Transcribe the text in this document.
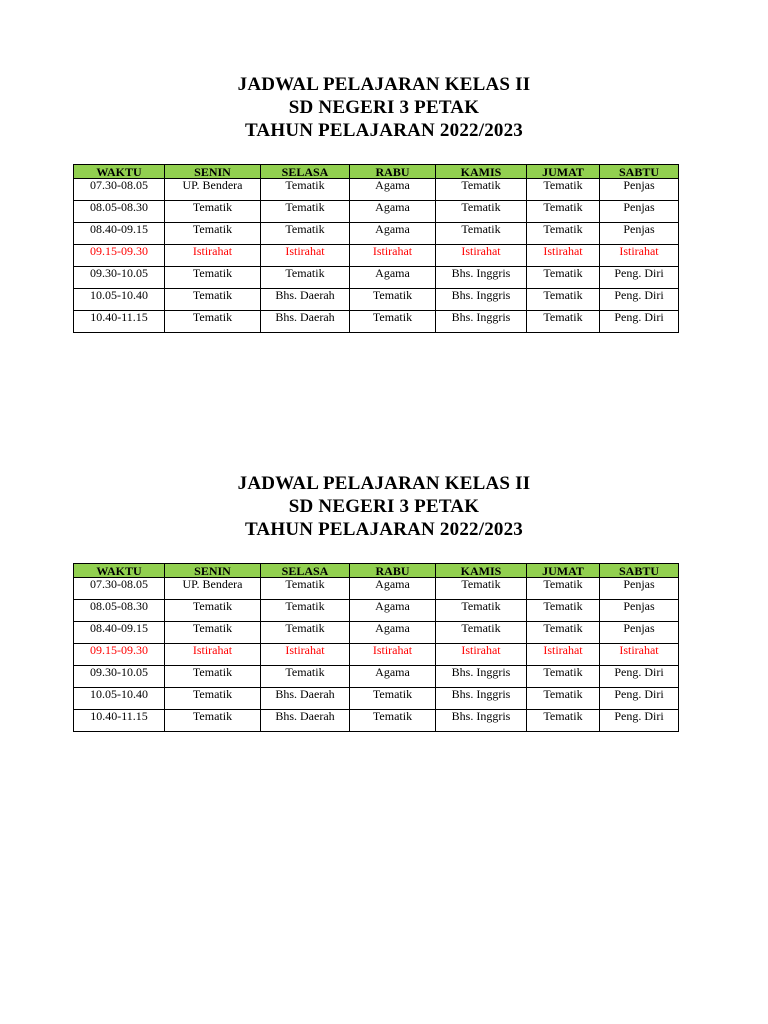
JADWAL PELAJARAN KELAS II
SD NEGERI 3 PETAK
TAHUN PELAJARAN 2022/2023
WAKTU	SENIN	SELASA	RABU	KAMIS	JUMAT	SABTU
07.30-08.05	UP. Bendera	Tematik	Agama	Tematik	Tematik	Penjas
08.05-08.30	Tematik	Tematik	Agama	Tematik	Tematik	Penjas
08.40-09.15	Tematik	Tematik	Agama	Tematik	Tematik	Penjas
09.15-09.30	Istirahat	Istirahat	Istirahat	Istirahat	Istirahat	Istirahat
09.30-10.05	Tematik	Tematik	Agama	Bhs. Inggris	Tematik	Peng. Diri
10.05-10.40	Tematik	Bhs. Daerah	Tematik	Bhs. Inggris	Tematik	Peng. Diri
10.40-11.15	Tematik	Bhs. Daerah	Tematik	Bhs. Inggris	Tematik	Peng. Diri
JADWAL PELAJARAN KELAS II
SD NEGERI 3 PETAK
TAHUN PELAJARAN 2022/2023
WAKTU	SENIN	SELASA	RABU	KAMIS	JUMAT	SABTU
07.30-08.05	UP. Bendera	Tematik	Agama	Tematik	Tematik	Penjas
08.05-08.30	Tematik	Tematik	Agama	Tematik	Tematik	Penjas
08.40-09.15	Tematik	Tematik	Agama	Tematik	Tematik	Penjas
09.15-09.30	Istirahat	Istirahat	Istirahat	Istirahat	Istirahat	Istirahat
09.30-10.05	Tematik	Tematik	Agama	Bhs. Inggris	Tematik	Peng. Diri
10.05-10.40	Tematik	Bhs. Daerah	Tematik	Bhs. Inggris	Tematik	Peng. Diri
10.40-11.15	Tematik	Bhs. Daerah	Tematik	Bhs. Inggris	Tematik	Peng. Diri
